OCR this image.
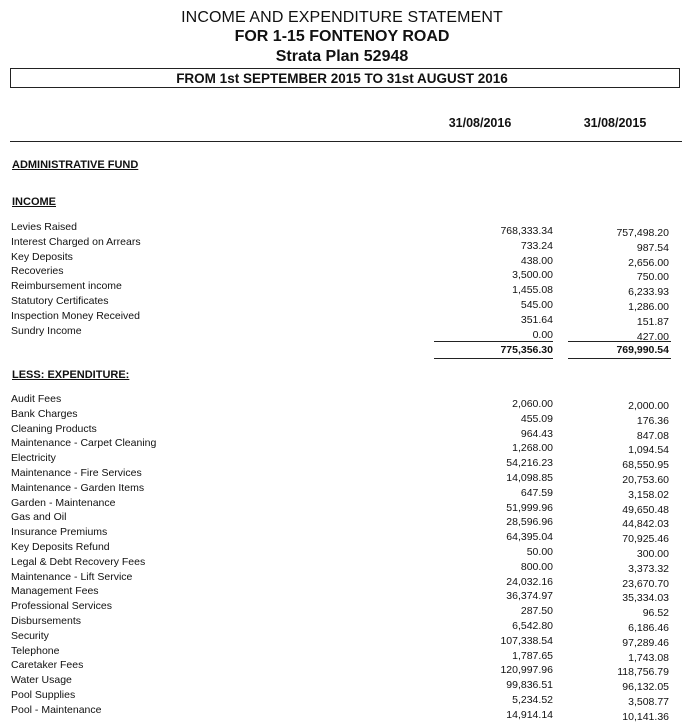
INCOME AND EXPENDITURE STATEMENT
FOR 1-15 FONTENOY ROAD
Strata Plan 52948
FROM 1st SEPTEMBER 2015 TO 31st AUGUST 2016
31/08/2016	31/08/2015
ADMINISTRATIVE FUND
INCOME
Levies Raised	768,333.34	757,498.20
Interest Charged on Arrears	733.24	987.54
Key Deposits	438.00	2,656.00
Recoveries	3,500.00	750.00
Reimbursement income	1,455.08	6,233.93
Statutory Certificates	545.00	1,286.00
Inspection Money Received	351.64	151.87
Sundry Income	0.00	427.00
775,356.30	769,990.54
LESS: EXPENDITURE:
Audit Fees	2,060.00	2,000.00
Bank Charges	455.09	176.36
Cleaning Products	964.43	847.08
Maintenance - Carpet Cleaning	1,268.00	1,094.54
Electricity	54,216.23	68,550.95
Maintenance - Fire Services	14,098.85	20,753.60
Maintenance - Garden Items	647.59	3,158.02
Garden - Maintenance	51,999.96	49,650.48
Gas and Oil	28,596.96	44,842.03
Insurance Premiums	64,395.04	70,925.46
Key Deposits Refund	50.00	300.00
Legal & Debt Recovery Fees	800.00	3,373.32
Maintenance - Lift Service	24,032.16	23,670.70
Management Fees	36,374.97	35,334.03
Professional Services	287.50	96.52
Disbursements	6,542.80	6,186.46
Security	107,338.54	97,289.46
Telephone	1,787.65	1,743.08
Caretaker Fees	120,997.96	118,756.79
Water Usage	99,836.51	96,132.05
Pool Supplies	5,234.52	3,508.77
Pool - Maintenance	14,914.14	10,141.36
